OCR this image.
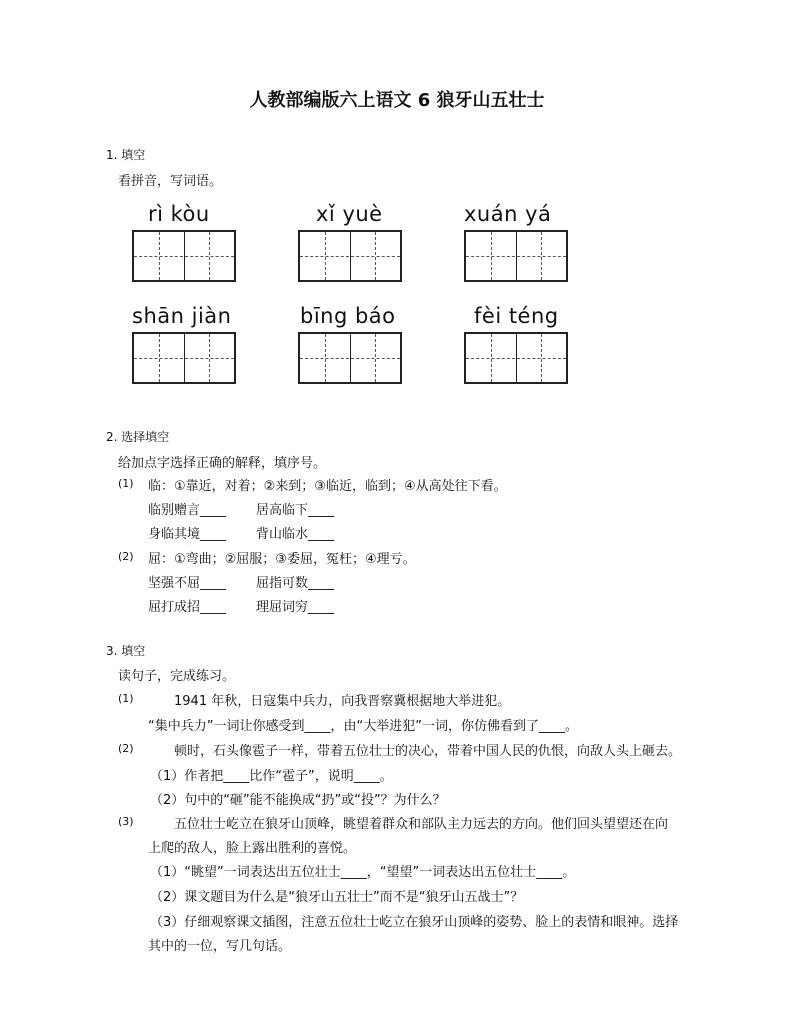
人教部编版六上语文 6 狼牙山五壮士
1. 填空
看拼音，写词语。
rì kòu	xǐ yuè	xuán yá
shān jiàn	bīng báo	fèi téng
2. 选择填空
给加点字选择正确的解释，填序号。
(1) 临：①靠近，对着；②来到；③临近，临到；④从高处往下看。
临别赠言____ 居高临下____
身临其境____ 背山临水____
(2) 屈：①弯曲；②屈服；③委屈，冤枉；④理亏。
坚强不屈____ 屈指可数____
屈打成招____ 理屈词穷____
3. 填空
读句子，完成练习。
(1)	1941 年秋，日寇集中兵力，向我晋察冀根据地大举进犯。
“集中兵力”一词让你感受到____，由“大举进犯”一词，你仿佛看到了____。
(2)	顿时，石头像雹子一样，带着五位壮士的决心，带着中国人民的仇恨，向敌人头上砸去。
（1）作者把____比作“雹子”，说明____。
（2）句中的“砸”能不能换成“扔”或“投”？为什么？
(3)	五位壮士屹立在狼牙山顶峰，眺望着群众和部队主力远去的方向。他们回头望望还在向
上爬的敌人，脸上露出胜利的喜悦。
（1）“眺望”一词表达出五位壮士____，“望望”一词表达出五位壮士____。
（2）课文题目为什么是“狼牙山五壮士”而不是“狼牙山五战士”？
（3）仔细观察课文插图，注意五位壮士屹立在狼牙山顶峰的姿势、脸上的表情和眼神。选择
其中的一位，写几句话。
